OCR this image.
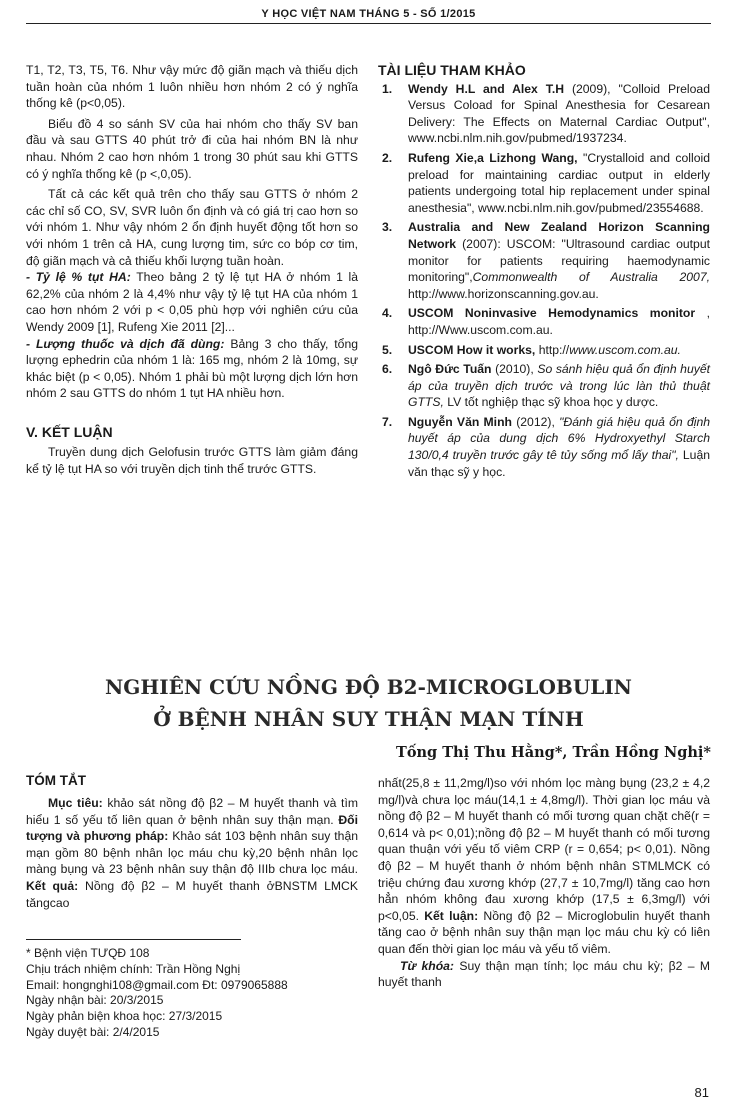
Y HỌC VIỆT NAM THÁNG 5 - SỐ 1/2015

T1, T2, T3, T5, T6. Như vậy mức độ giãn mạch và thiếu dịch tuần hoàn của nhóm 1 luôn nhiều hơn nhóm 2 có ý nghĩa thống kê (p<0,05).

Biểu đồ 4 so sánh SV của hai nhóm cho thấy SV ban đầu và sau GTTS 40 phút trở đi của hai nhóm BN là như nhau. Nhóm 2 cao hơn nhóm 1 trong 30 phút sau khi GTTS có ý nghĩa thống kê (p <,0,05).

Tất cả các kết quả trên cho thấy sau GTTS ở nhóm 2 các chỉ số CO, SV, SVR luôn ổn định và có giá trị cao hơn so với nhóm 1. Như vậy nhóm 2 ổn định huyết động tốt hơn so với nhóm 1 trên cả HA, cung lượng tim, sức co bóp cơ tim, độ giãn mạch và cả thiếu khối lượng tuần hoàn.

- Tỷ lệ % tụt HA: Theo bảng 2 tỷ lệ tụt HA ở nhóm 1 là 62,2% của nhóm 2 là 4,4% như vậy tỷ lệ tụt HA của nhóm 1 cao hơn nhóm 2 với p < 0,05 phù hợp với nghiên cứu của Wendy 2009 [1], Rufeng Xie 2011 [2]...

- Lượng thuốc và dịch đã dùng: Bảng 3 cho thấy, tổng lượng ephedrin của nhóm 1 là: 165 mg, nhóm 2 là 10mg, sự khác biệt (p < 0,05). Nhóm 1 phải bù một lượng dịch lớn hơn nhóm 2 sau GTTS do nhóm 1 tụt HA nhiều hơn.

V. KẾT LUẬN

Truyền dung dịch Gelofusin trước GTTS làm giảm đáng kể tỷ lệ tụt HA so với truyền dịch tinh thể trước GTTS.

TÀI LIỆU THAM KHẢO

1. Wendy H.L and Alex T.H (2009), "Colloid Preload Versus Coload for Spinal Anesthesia for Cesarean Delivery: The Effects on Maternal Cardiac Output", www.ncbi.nlm.nih.gov/pubmed/1937234.
2. Rufeng Xie,a Lizhong Wang, "Crystalloid and colloid preload for maintaining cardiac output in elderly patients undergoing total hip replacement under spinal anesthesia", www.ncbi.nlm.nih.gov/pubmed/23554688.
3. Australia and New Zealand Horizon Scanning Network (2007): USCOM: "Ultrasound cardiac output monitor for patients requiring haemodynamic monitoring",Commonwealth of Australia 2007, http://www.horizonscanning.gov.au.
4. USCOM Noninvasive Hemodynamics monitor , http://Www.uscom.com.au.
5. USCOM How it works, http://www.uscom.com.au.
6. Ngô Đức Tuấn (2010), So sánh hiệu quả ổn định huyết áp của truyền dịch trước và trong lúc làn thủ thuật GTTS, LV tốt nghiệp thạc sỹ khoa học y dược.
7. Nguyễn Văn Minh (2012), "Đánh giá hiệu quả ổn định huyết áp của dung dịch 6% Hydroxyethyl Starch 130/0,4 truyền trước gây tê tủy sống mổ lấy thai", Luận văn thạc sỹ y học.
NGHIÊN CỨU NỒNG ĐỘ B2-MICROGLOBULIN
Ở BỆNH NHÂN SUY THẬN MẠN TÍNH
Tống Thị Thu Hằng*, Trần Hồng Nghị*
TÓM TẮT

Mục tiêu: khảo sát nồng độ β2 – M huyết thanh và tìm hiểu 1 số yếu tố liên quan ở bệnh nhân suy thận mạn. Đối tượng và phương pháp: Khảo sát 103 bệnh nhân suy thận mạn gồm 80 bệnh nhân lọc máu chu kỳ,20 bệnh nhân lọc màng bụng và 23 bệnh nhân suy thận độ IIIb chưa lọc máu. Kết quả: Nồng độ β2 – M huyết thanh ởBNSTM LMCK tăngcao

* Bệnh viện TƯQĐ 108
Chịu trách nhiệm chính: Trần Hồng Nghị
Email: hongnghi108@gmail.com Đt: 0979065888
Ngày nhận bài: 20/3/2015
Ngày phản biện khoa học: 27/3/2015
Ngày duyệt bài: 2/4/2015

nhất(25,8 ± 11,2mg/l)so với nhóm lọc màng bụng (23,2 ± 4,2 mg/l)và chưa lọc máu(14,1 ± 4,8mg/l). Thời gian lọc máu và nồng độ β2 – M huyết thanh có mối tương quan chặt chẽ(r = 0,614 và p< 0,01);nồng độ β2 – M huyết thanh có mối tương quan thuận với yếu tố viêm CRP (r = 0,654; p< 0,01). Nồng độ β2 – M huyết thanh ở nhóm bệnh nhân STMLMCK có triệu chứng đau xương khớp (27,7 ± 10,7mg/l) tăng cao hơn hẳn nhóm không đau xương khớp (17,5 ± 6,3mg/l) với p<0,05. Kết luận: Nồng độ β2 – Microglobulin huyết thanh tăng cao ở bệnh nhân suy thận mạn lọc máu chu kỳ có liên quan đến thời gian lọc máu và yếu tố viêm.

Từ khóa: Suy thận mạn tính; lọc máu chu kỳ; β2 – M huyết thanh

81
